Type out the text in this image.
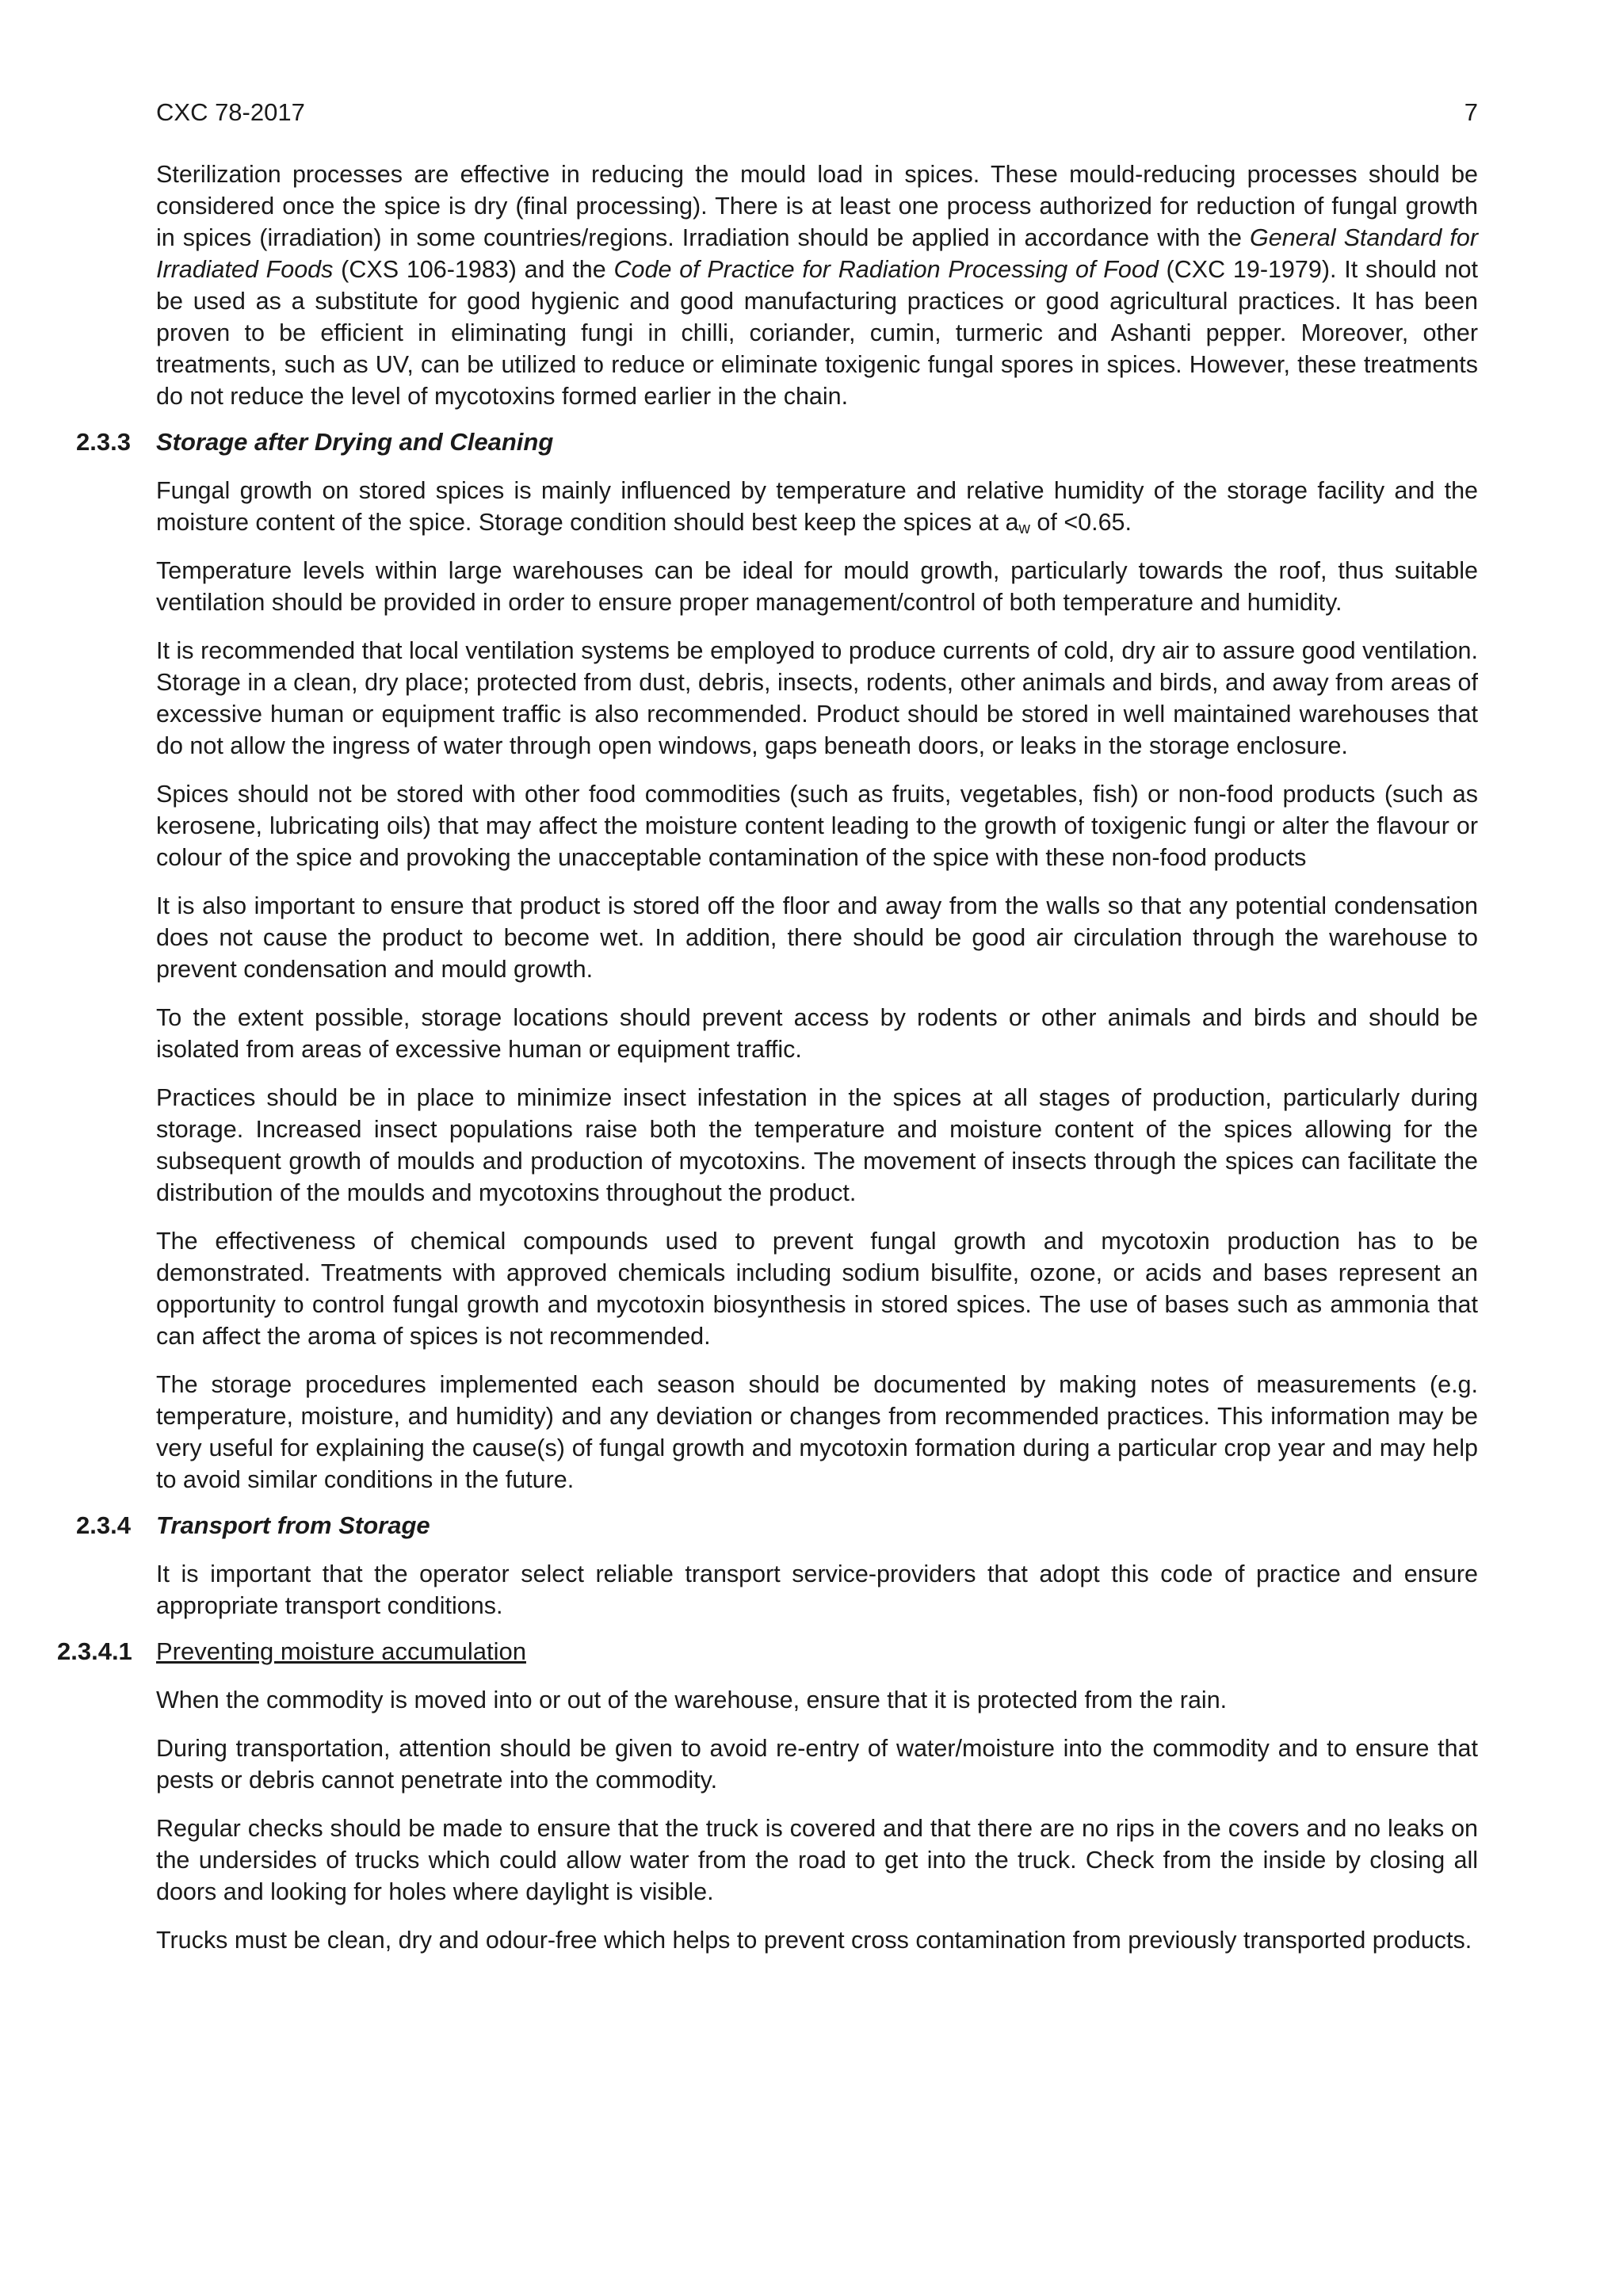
CXC 78-2017	7

Sterilization processes are effective in reducing the mould load in spices. These mould-reducing processes should be considered once the spice is dry (final processing). There is at least one process authorized for reduction of fungal growth in spices (irradiation) in some countries/regions. Irradiation should be applied in accordance with the General Standard for Irradiated Foods (CXS 106-1983) and the Code of Practice for Radiation Processing of Food (CXC 19-1979). It should not be used as a substitute for good hygienic and good manufacturing practices or good agricultural practices. It has been proven to be efficient in eliminating fungi in chilli, coriander, cumin, turmeric and Ashanti pepper. Moreover, other treatments, such as UV, can be utilized to reduce or eliminate toxigenic fungal spores in spices. However, these treatments do not reduce the level of mycotoxins formed earlier in the chain.

2.3.3 Storage after Drying and Cleaning

Fungal growth on stored spices is mainly influenced by temperature and relative humidity of the storage facility and the moisture content of the spice. Storage condition should best keep the spices at $a_w$ of <0.65.

Temperature levels within large warehouses can be ideal for mould growth, particularly towards the roof, thus suitable ventilation should be provided in order to ensure proper management/control of both temperature and humidity.

It is recommended that local ventilation systems be employed to produce currents of cold, dry air to assure good ventilation. Storage in a clean, dry place; protected from dust, debris, insects, rodents, other animals and birds, and away from areas of excessive human or equipment traffic is also recommended. Product should be stored in well maintained warehouses that do not allow the ingress of water through open windows, gaps beneath doors, or leaks in the storage enclosure.

Spices should not be stored with other food commodities (such as fruits, vegetables, fish) or non-food products (such as kerosene, lubricating oils) that may affect the moisture content leading to the growth of toxigenic fungi or alter the flavour or colour of the spice and provoking the unacceptable contamination of the spice with these non-food products

It is also important to ensure that product is stored off the floor and away from the walls so that any potential condensation does not cause the product to become wet. In addition, there should be good air circulation through the warehouse to prevent condensation and mould growth.

To the extent possible, storage locations should prevent access by rodents or other animals and birds and should be isolated from areas of excessive human or equipment traffic.

Practices should be in place to minimize insect infestation in the spices at all stages of production, particularly during storage. Increased insect populations raise both the temperature and moisture content of the spices allowing for the subsequent growth of moulds and production of mycotoxins. The movement of insects through the spices can facilitate the distribution of the moulds and mycotoxins throughout the product.

The effectiveness of chemical compounds used to prevent fungal growth and mycotoxin production has to be demonstrated. Treatments with approved chemicals including sodium bisulfite, ozone, or acids and bases represent an opportunity to control fungal growth and mycotoxin biosynthesis in stored spices. The use of bases such as ammonia that can affect the aroma of spices is not recommended.

The storage procedures implemented each season should be documented by making notes of measurements (e.g. temperature, moisture, and humidity) and any deviation or changes from recommended practices. This information may be very useful for explaining the cause(s) of fungal growth and mycotoxin formation during a particular crop year and may help to avoid similar conditions in the future.

2.3.4 Transport from Storage

It is important that the operator select reliable transport service-providers that adopt this code of practice and ensure appropriate transport conditions.

2.3.4.1 Preventing moisture accumulation

When the commodity is moved into or out of the warehouse, ensure that it is protected from the rain.

During transportation, attention should be given to avoid re-entry of water/moisture into the commodity and to ensure that pests or debris cannot penetrate into the commodity.

Regular checks should be made to ensure that the truck is covered and that there are no rips in the covers and no leaks on the undersides of trucks which could allow water from the road to get into the truck. Check from the inside by closing all doors and looking for holes where daylight is visible.

Trucks must be clean, dry and odour-free which helps to prevent cross contamination from previously transported products.
